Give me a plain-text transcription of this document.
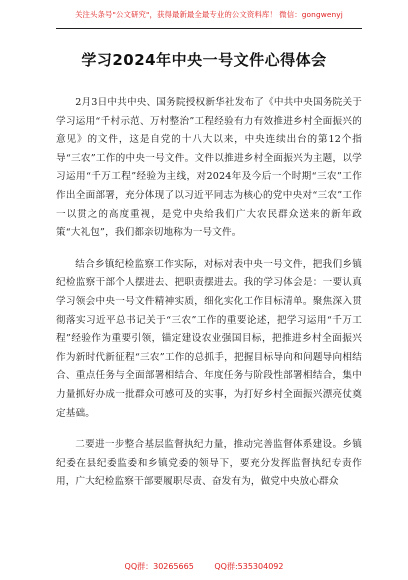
关注头条号"公文研究"，获得最新最全最专业的公文资料库！ 微信：gongwenyj
学习2024年中央一号文件心得体会

2月3日中共中央、国务院授权新华社发布了《中共中央国务院关于学习运用“千村示范、万村整治”工程经验有力有效推进乡村全面振兴的意见》的文件，这是自党的十八大以来，中央连续出台的第12个指导“三农”工作的中央一号文件。文件以推进乡村全面振兴为主题，以学习运用“千万工程”经验为主线，对2024年及今后一个时期“三农”工作作出全面部署，充分体现了以习近平同志为核心的党中央对“三农”工作一以贯之的高度重视，是党中央给我们广大农民群众送来的新年政策“大礼包”，我们都亲切地称为一号文件。

结合乡镇纪检监察工作实际，对标对表中央一号文件，把我们乡镇纪检监察干部个人摆进去、把职责摆进去。我的学习体会是：一要认真学习领会中央一号文件精神实质，细化实化工作目标清单。聚焦深入贯彻落实习近平总书记关于“三农”工作的重要论述，把学习运用“千万工程”经验作为重要引领，锚定建设农业强国目标，把推进乡村全面振兴作为新时代新征程“三农”工作的总抓手，把握目标导向和问题导向相结合、重点任务与全面部署相结合、年度任务与阶段性部署相结合，集中力量抓好办成一批群众可感可及的实事，为打好乡村全面振兴漂亮仗奠定基础。

二要进一步整合基层监督执纪力量，推动完善监督体系建设。乡镇纪委在县纪委监委和乡镇党委的领导下，要充分发挥监督执纪专责作用，广大纪检监察干部要履职尽责、奋发有为，做党中央放心群众

QQ群：30265665	QQ群:535304092
